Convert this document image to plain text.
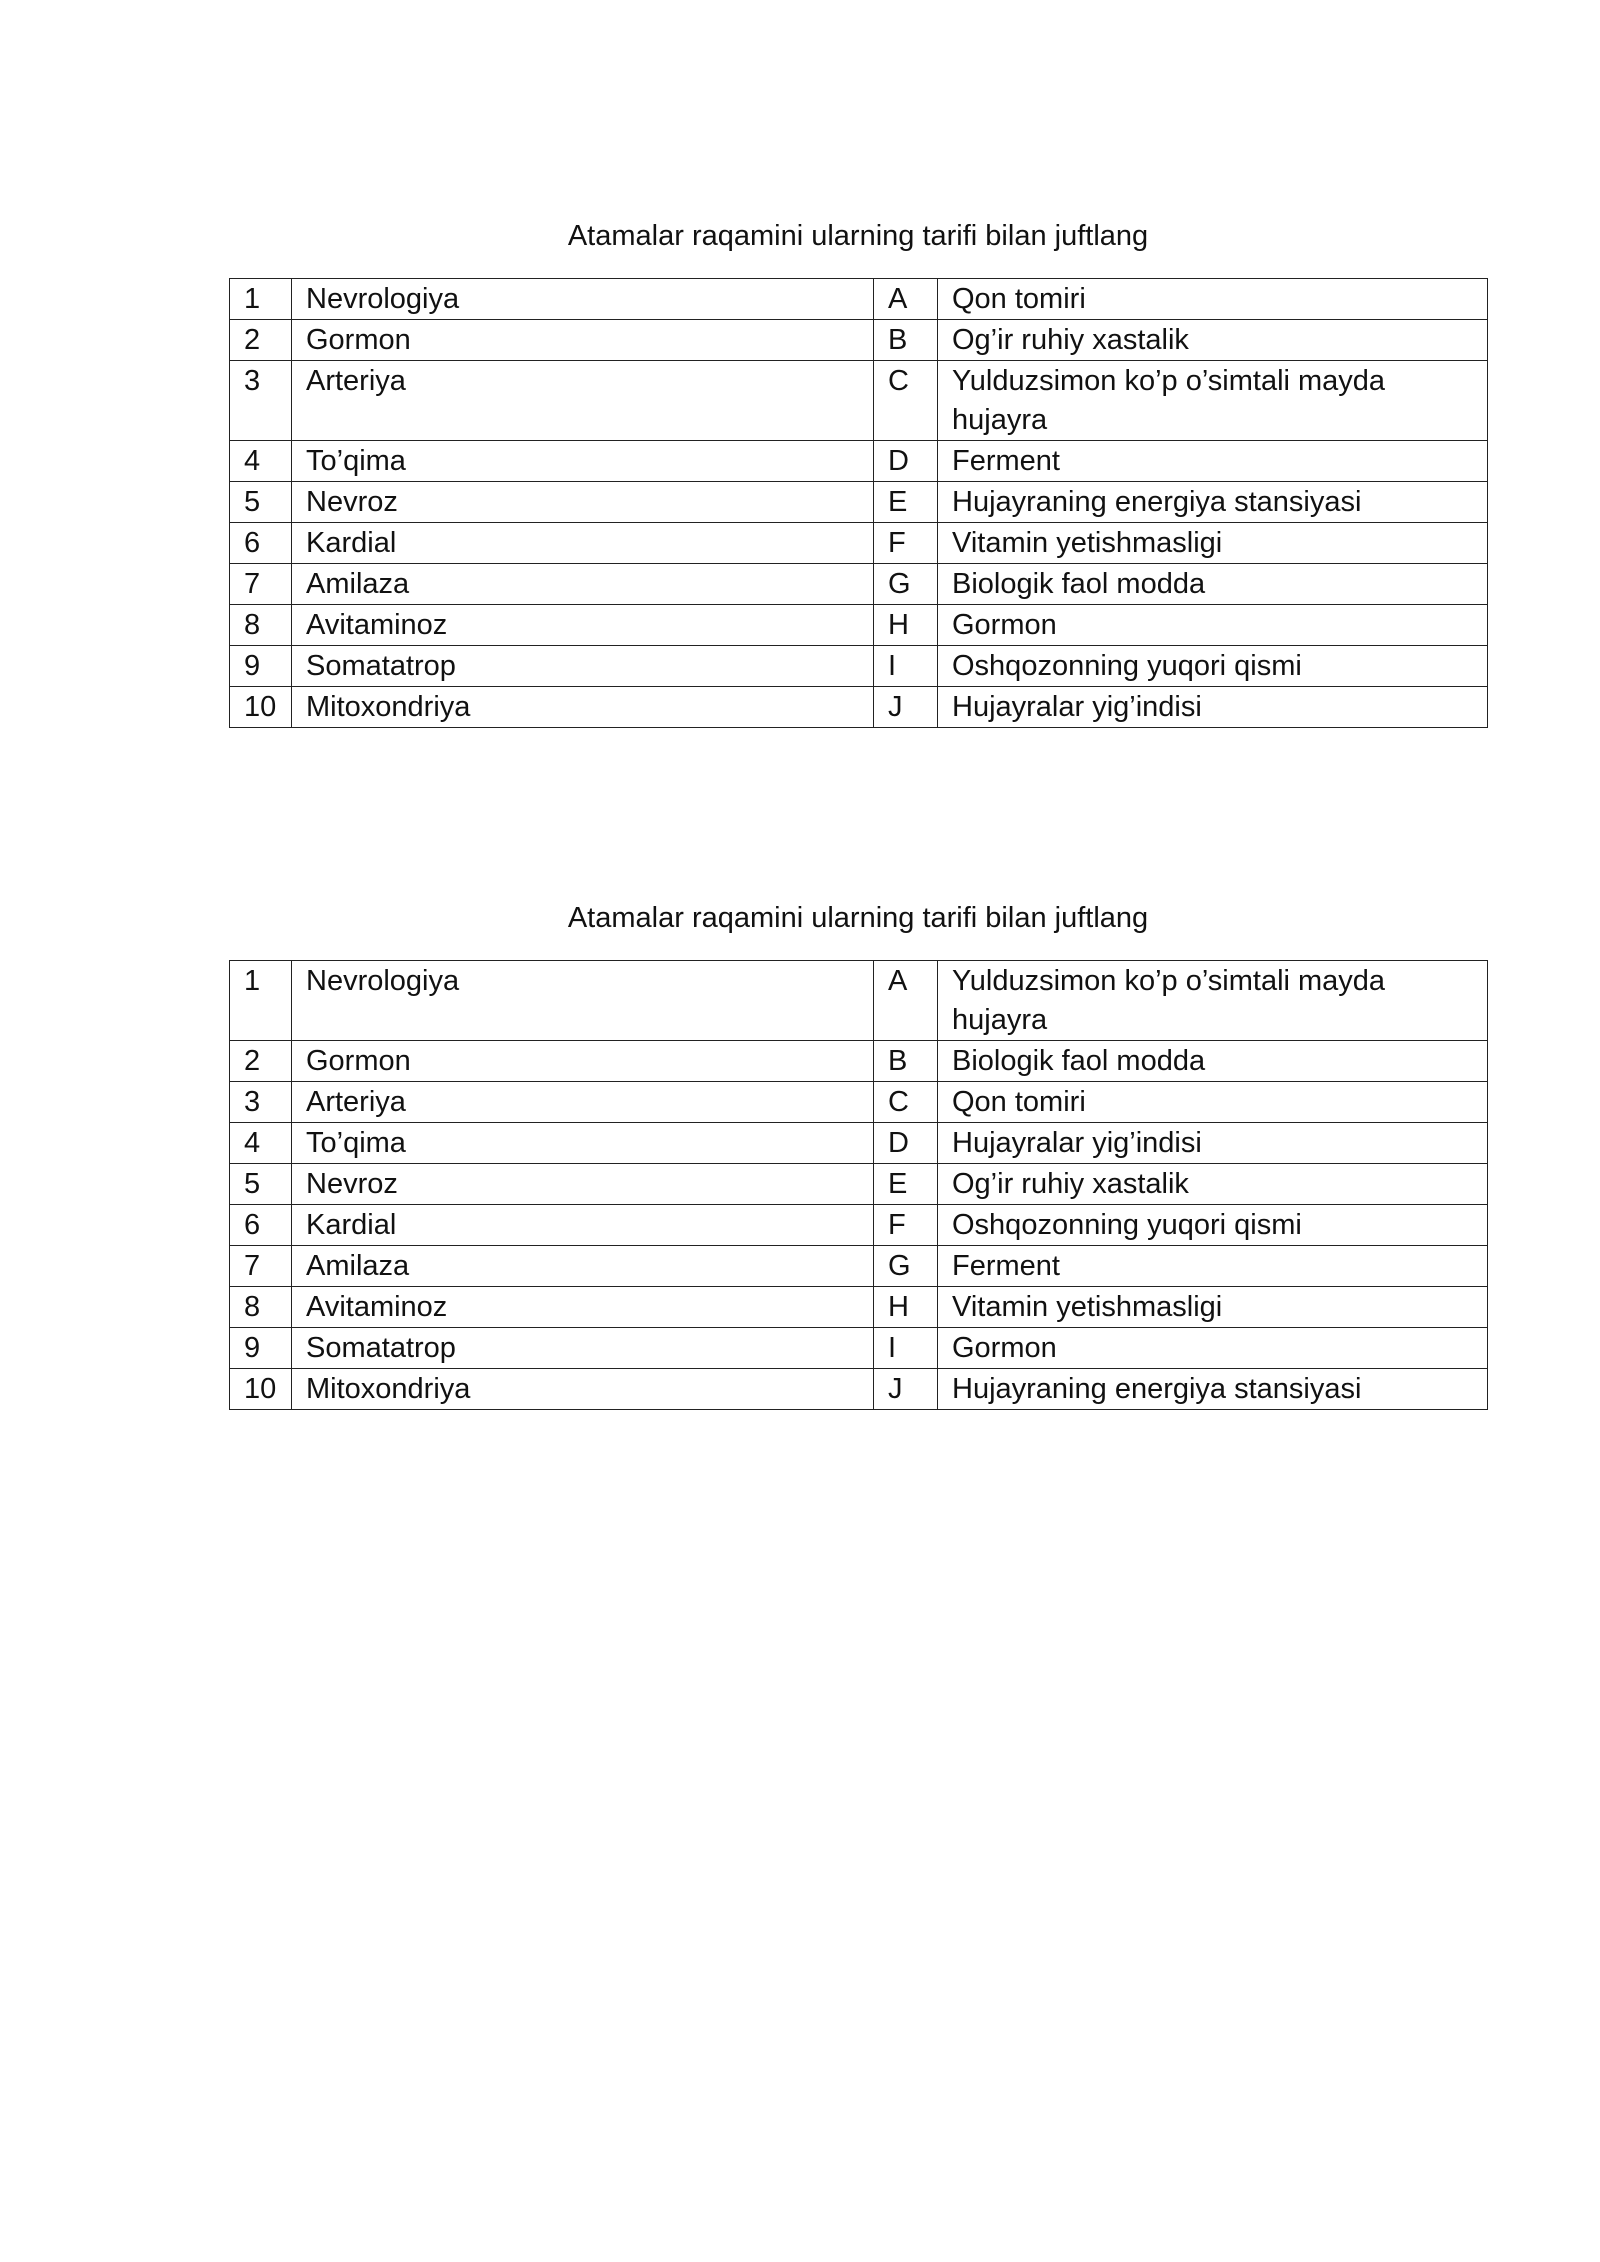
Atamalar raqamini ularning tarifi bilan juftlang
1	Nevrologiya	A	Qon tomiri
2	Gormon	B	Og’ir ruhiy xastalik
3	Arteriya	C	Yulduzsimon ko’p o’simtali mayda hujayra
4	To’qima	D	Ferment
5	Nevroz	E	Hujayraning energiya stansiyasi
6	Kardial	F	Vitamin yetishmasligi
7	Amilaza	G	Biologik faol modda
8	Avitaminoz	H	Gormon
9	Somatatrop	I	Oshqozonning yuqori qismi
10	Mitoxondriya	J	Hujayralar yig’indisi
Atamalar raqamini ularning tarifi bilan juftlang
1	Nevrologiya	A	Yulduzsimon ko’p o’simtali mayda hujayra
2	Gormon	B	Biologik faol modda
3	Arteriya	C	Qon tomiri
4	To’qima	D	Hujayralar yig’indisi
5	Nevroz	E	Og’ir ruhiy xastalik
6	Kardial	F	Oshqozonning yuqori qismi
7	Amilaza	G	Ferment
8	Avitaminoz	H	Vitamin yetishmasligi
9	Somatatrop	I	Gormon
10	Mitoxondriya	J	Hujayraning energiya stansiyasi
